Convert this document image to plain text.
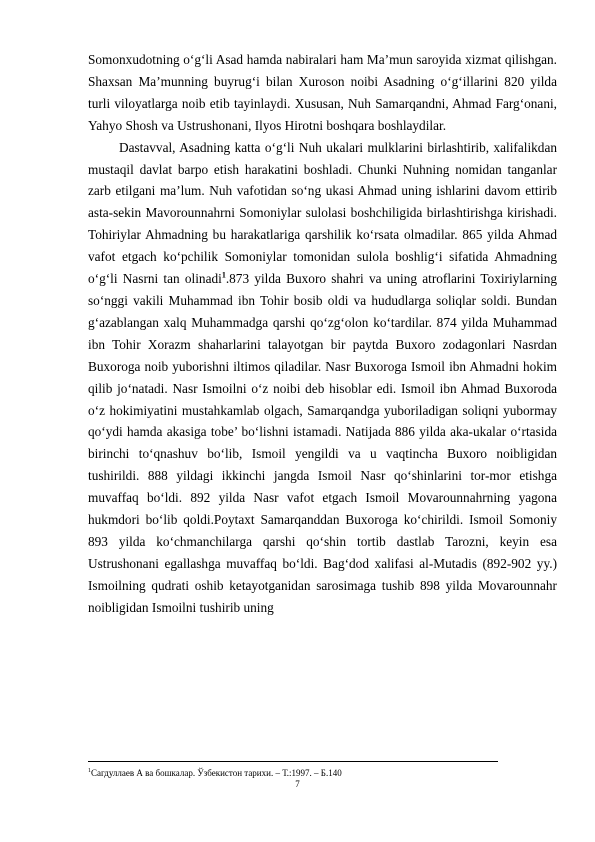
Somonxudotning o‘g‘li Asad hamda nabiralari ham Ma’mun saroyida xizmat qilishgan. Shaxsan Ma’munning buyrug‘i bilan Xuroson noibi Asadning o‘g‘illarini 820 yilda turli viloyatlarga noib etib tayinlaydi. Xususan, Nuh Samarqandni, Ahmad Farg‘onani, Yahyo Shosh va Ustrushonani, Ilyos Hirotni boshqara boshlaydilar.

Dastavval, Asadning katta o‘g‘li Nuh ukalari mulklarini birlashtirib, xalifalikdan mustaqil davlat barpo etish harakatini boshladi. Chunki Nuhning nomidan tanganlar zarb etilgani ma’lum. Nuh vafotidan so‘ng ukasi Ahmad uning ishlarini davom ettirib asta-sekin Mavorounnahrni Somoniylar sulolasi boshchiligida birlashtirishga kirishadi. Tohiriylar Ahmadning bu harakatlariga qarshilik ko‘rsata olmadilar. 865 yilda Ahmad vafot etgach ko‘pchilik Somoniylar tomonidan sulola boshlig‘i sifatida Ahmadning o‘g‘li Nasrni tan olinadi$^1$.873 yilda Buxoro shahri va uning atroflarini Toxiriylarning so‘nggi vakili Muhammad ibn Tohir bosib oldi va hududlarga soliqlar soldi. Bundan g‘azablangan xalq Muhammadga qarshi qo‘zg‘olon ko‘tardilar. 874 yilda Muhammad ibn Tohir Xorazm shaharlarini talayotgan bir paytda Buxoro zodagonlari Nasrdan Buxoroga noib yuborishni iltimos qiladilar. Nasr Buxoroga Ismoil ibn Ahmadni hokim qilib jo‘natadi. Nasr Ismoilni o‘z noibi deb hisoblar edi. Ismoil ibn Ahmad Buxoroda o‘z hokimiyatini mustahkamlab olgach, Samarqandga yuboriladigan soliqni yubormay qo‘ydi hamda akasiga tobe’ bo‘lishni istamadi. Natijada 886 yilda aka-ukalar o‘rtasida birinchi to‘qnashuv bo‘lib, Ismoil yengildi va u vaqtincha Buxoro noibligidan tushirildi. 888 yildagi ikkinchi jangda Ismoil Nasr qo‘shinlarini tor-mor etishga muvaffaq bo‘ldi. 892 yilda Nasr vafot etgach Ismoil Movarounnahrning yagona hukmdori bo‘lib qoldi.Poytaxt Samarqanddan Buxoroga ko‘chirildi. Ismoil Somoniy 893 yilda ko‘chmanchilarga qarshi qo‘shin tortib dastlab Tarozni, keyin esa Ustrushonani egallashga muvaffaq bo‘ldi. Bag‘dod xalifasi al-Mutadis (892-902 yy.) Ismoilning qudrati oshib ketayotganidan sarosimaga tushib 898 yilda Movarounnahr noibligidan Ismoilni tushirib uning

$^1$Сагдуллаев А ва бошкалар. Ўзбекистон тарихи. – Т.:1997. – Б.140
7
